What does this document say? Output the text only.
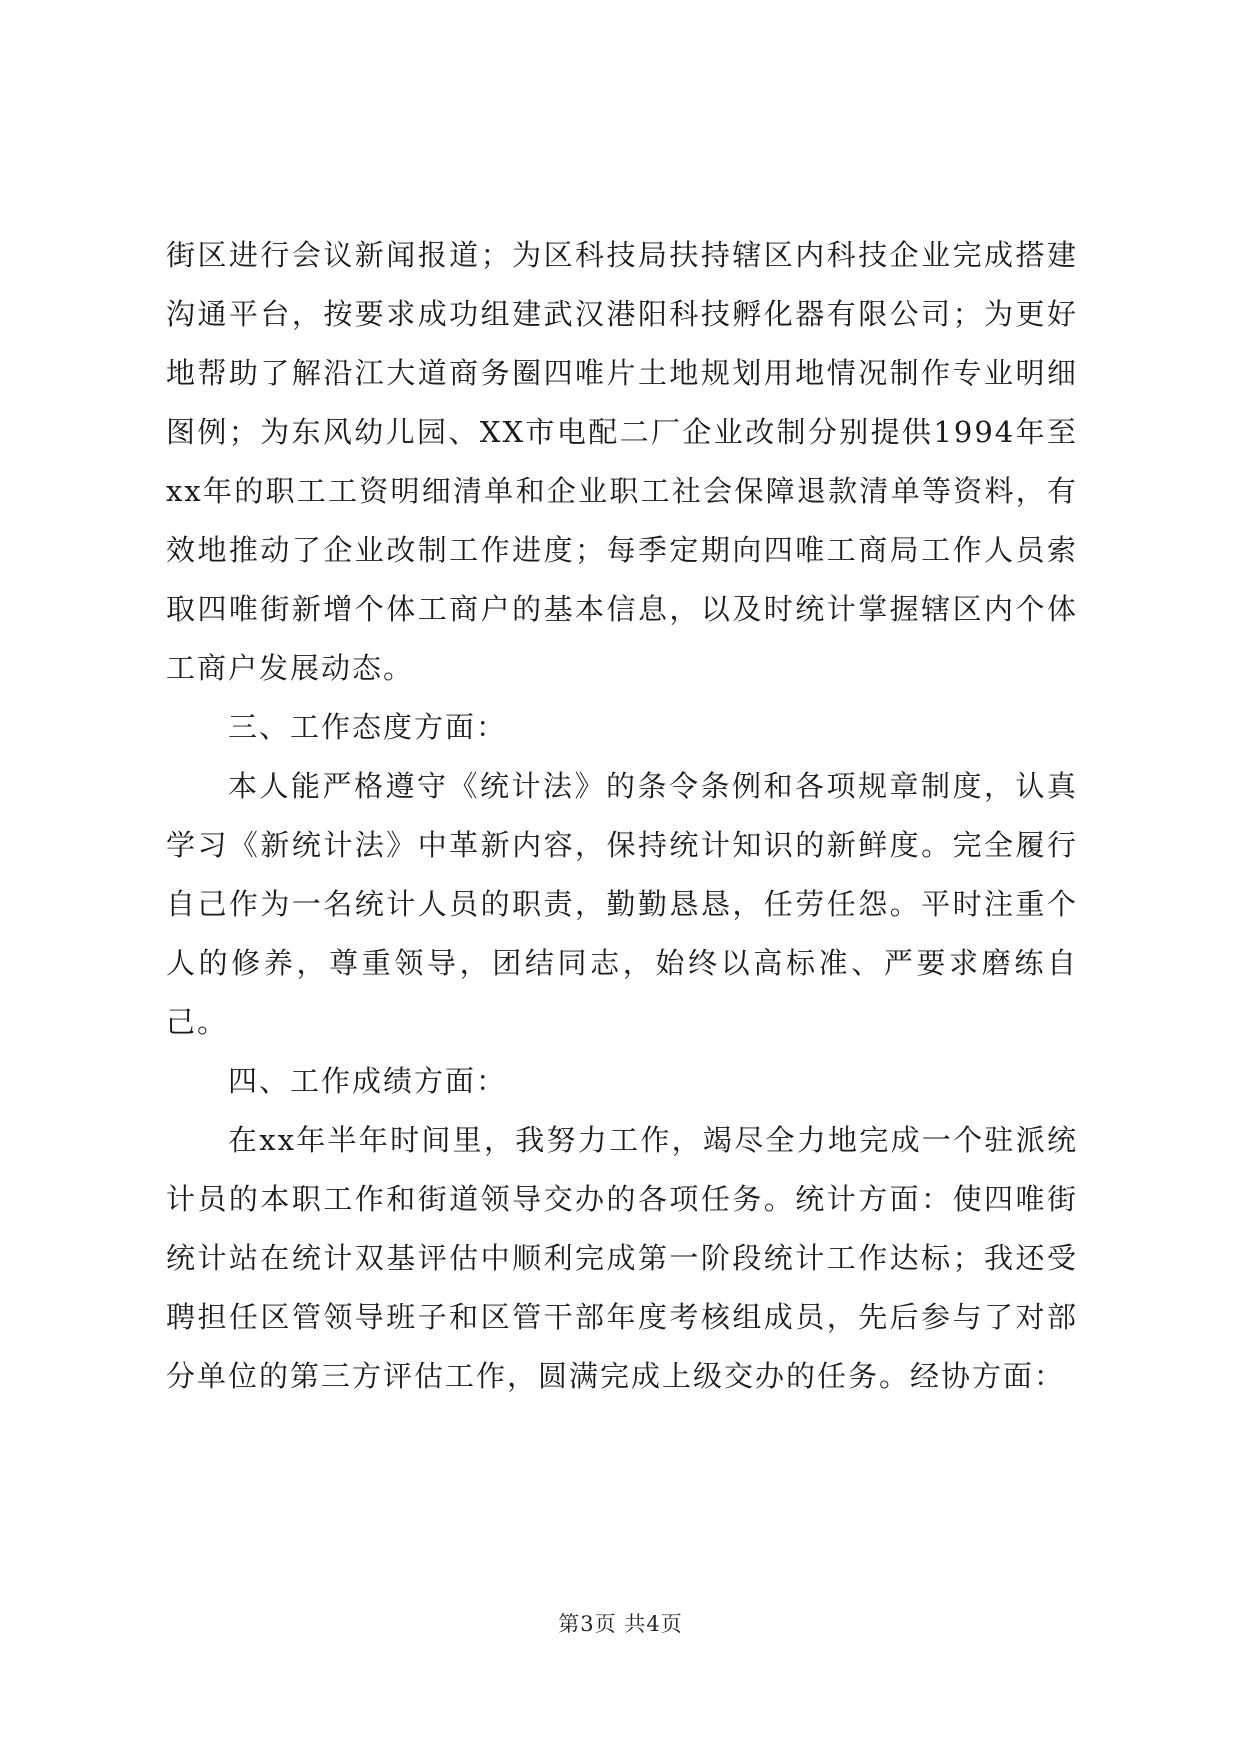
街区进行会议新闻报道；为区科技局扶持辖区内科技企业完成搭建沟通平台，按要求成功组建武汉港阳科技孵化器有限公司；为更好地帮助了解沿江大道商务圈四唯片土地规划用地情况制作专业明细图例；为东风幼儿园、XX市电配二厂企业改制分别提供1994年至xx年的职工工资明细清单和企业职工社会保障退款清单等资料，有效地推动了企业改制工作进度；每季定期向四唯工商局工作人员索取四唯街新增个体工商户的基本信息，以及时统计掌握辖区内个体工商户发展动态。

三、工作态度方面：

本人能严格遵守《统计法》的条令条例和各项规章制度，认真学习《新统计法》中革新内容，保持统计知识的新鲜度。完全履行自己作为一名统计人员的职责，勤勤恳恳，任劳任怨。平时注重个人的修养，尊重领导，团结同志，始终以高标准、严要求磨练自己。

四、工作成绩方面：

在xx年半年时间里，我努力工作，竭尽全力地完成一个驻派统计员的本职工作和街道领导交办的各项任务。统计方面：使四唯街统计站在统计双基评估中顺利完成第一阶段统计工作达标；我还受聘担任区管领导班子和区管干部年度考核组成员，先后参与了对部分单位的第三方评估工作，圆满完成上级交办的任务。经协方面：

第3页 共4页
